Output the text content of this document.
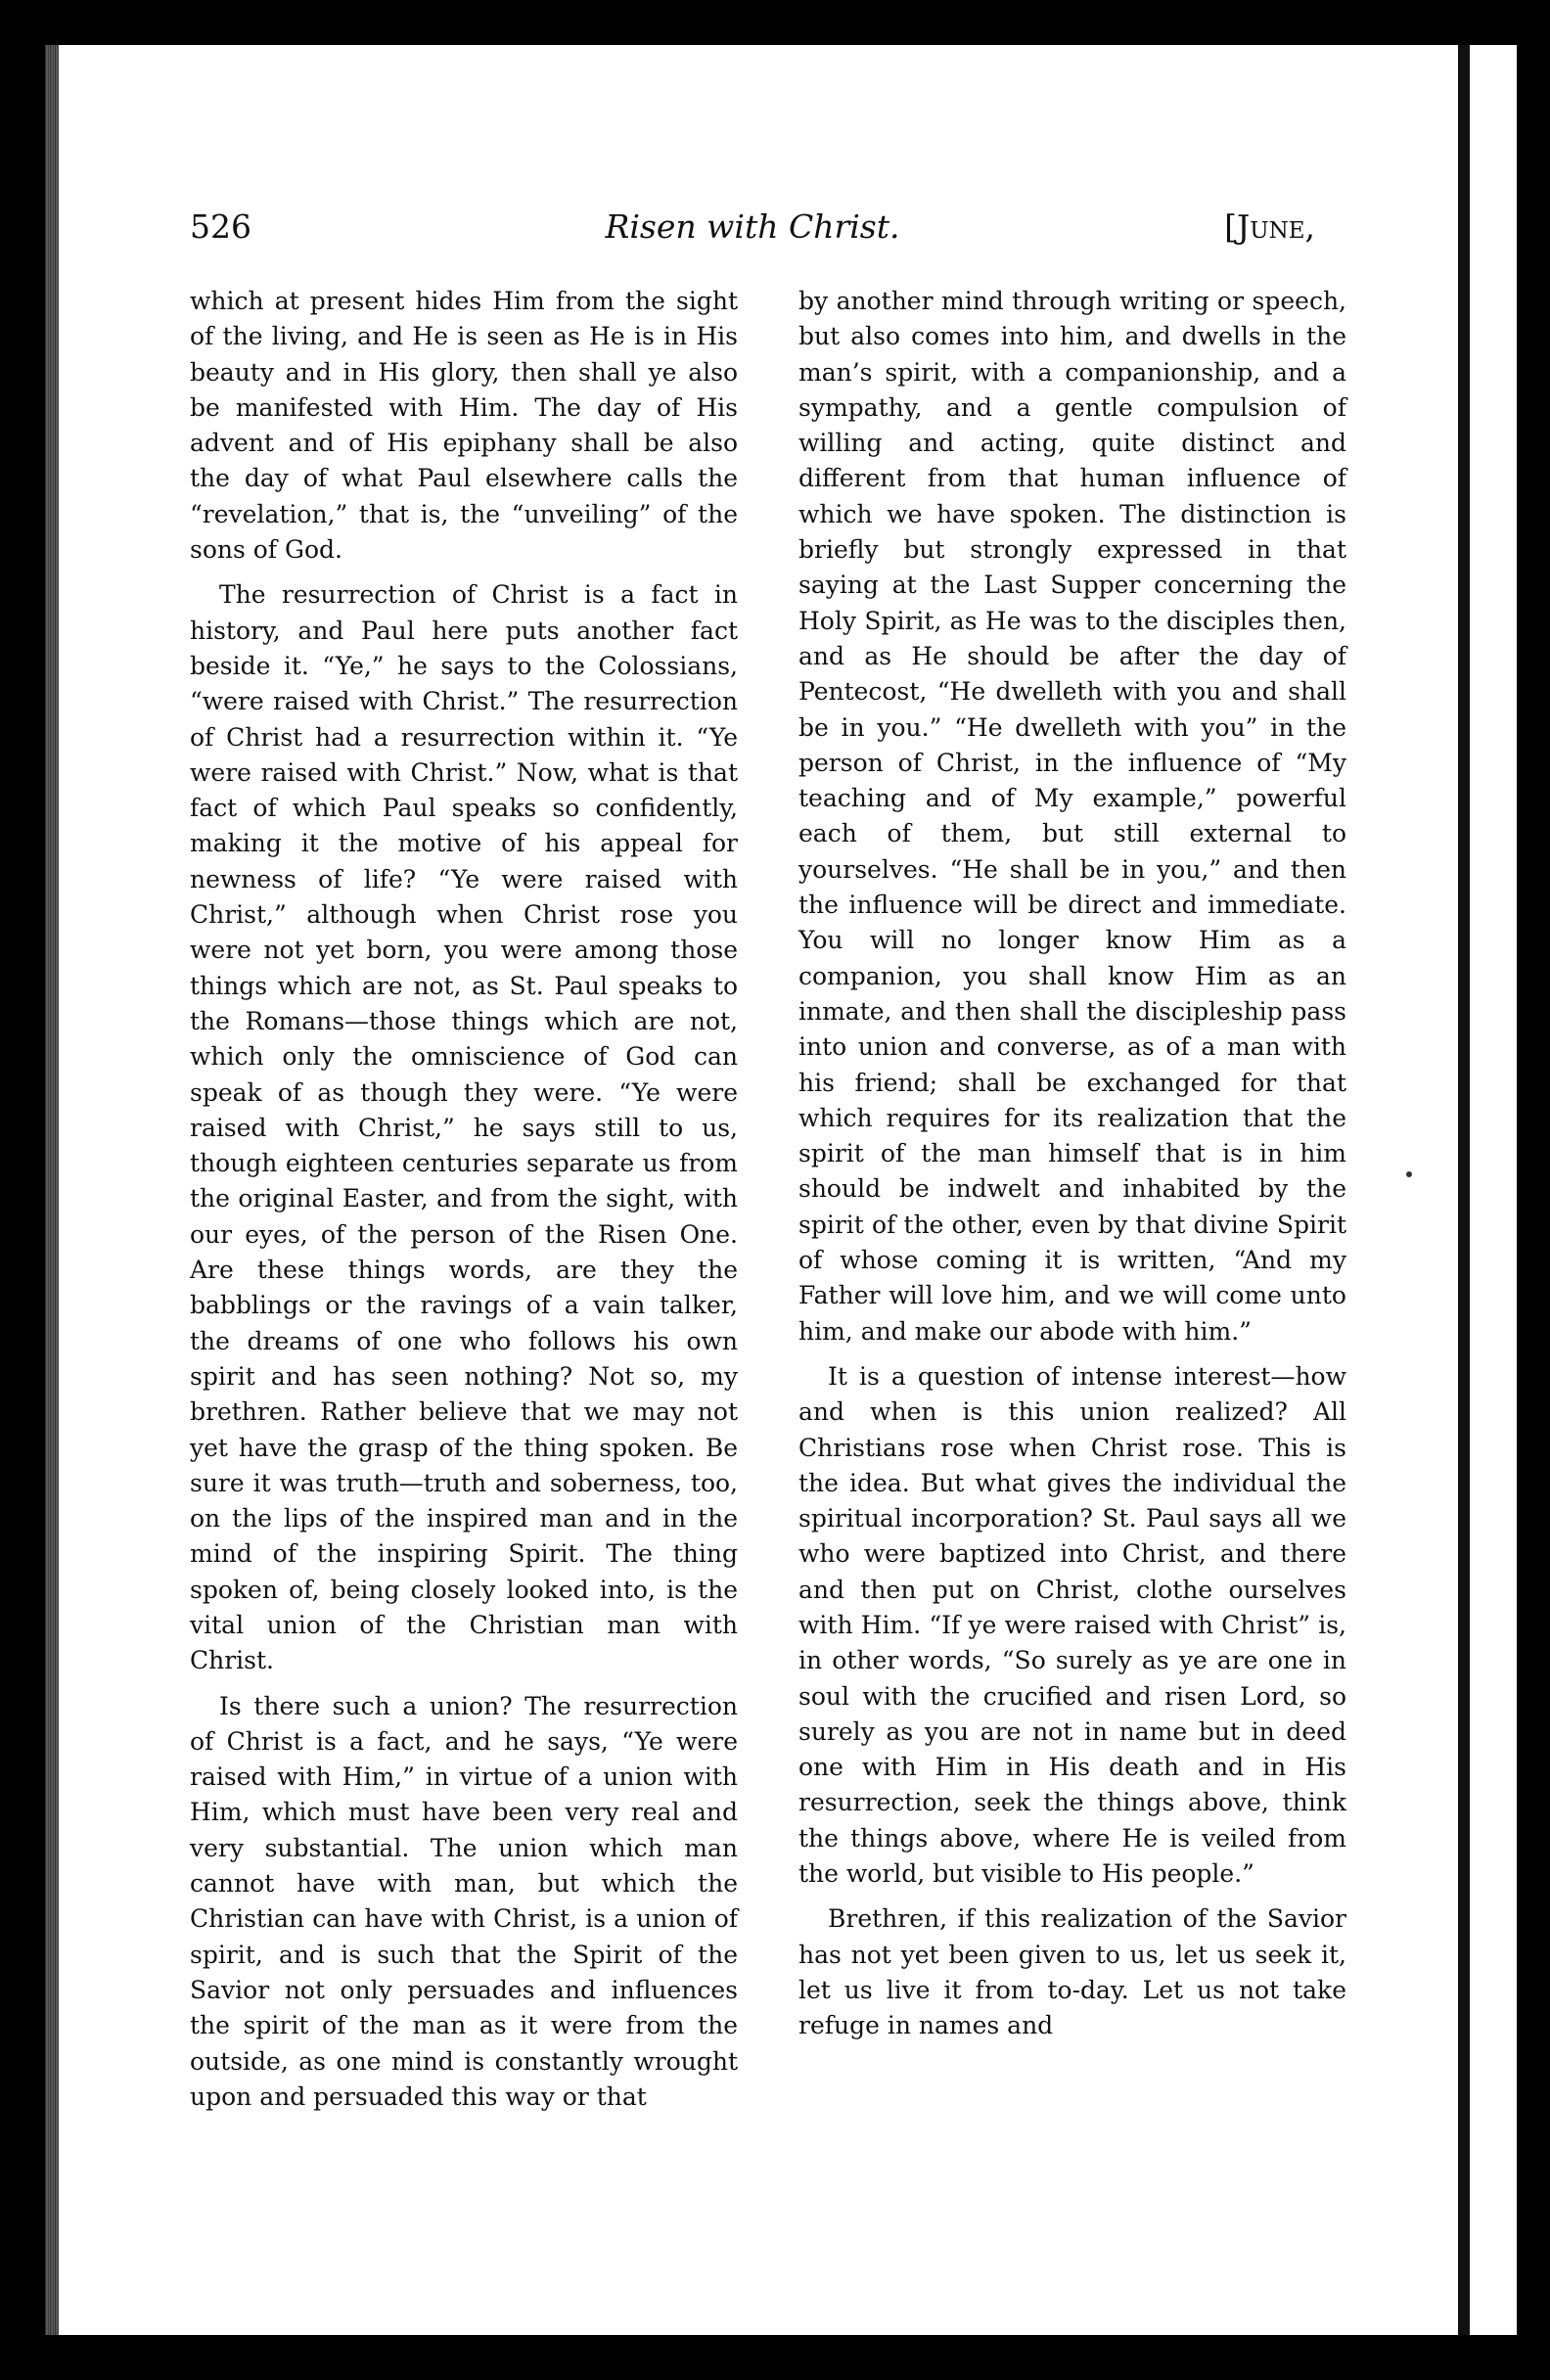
526	Risen with Christ.	[June,

which at present hides Him from the sight of the living, and He is seen as He is in His beauty and in His glory, then shall ye also be manifested with Him. The day of His advent and of His epiphany shall be also the day of what Paul elsewhere calls the “revelation,” that is, the “unveiling” of the sons of God.

The resurrection of Christ is a fact in history, and Paul here puts another fact beside it. “Ye,” he says to the Colossians, “were raised with Christ.” The resurrection of Christ had a resurrection within it. “Ye were raised with Christ.” Now, what is that fact of which Paul speaks so confidently, making it the motive of his appeal for newness of life? “Ye were raised with Christ,” although when Christ rose you were not yet born, you were among those things which are not, as St. Paul speaks to the Romans—those things which are not, which only the omniscience of God can speak of as though they were. “Ye were raised with Christ,” he says still to us, though eighteen centuries separate us from the original Easter, and from the sight, with our eyes, of the person of the Risen One. Are these things words, are they the babblings or the ravings of a vain talker, the dreams of one who follows his own spirit and has seen nothing? Not so, my brethren. Rather believe that we may not yet have the grasp of the thing spoken. Be sure it was truth—truth and soberness, too, on the lips of the inspired man and in the mind of the inspiring Spirit. The thing spoken of, being closely looked into, is the vital union of the Christian man with Christ.

Is there such a union? The resurrection of Christ is a fact, and he says, “Ye were raised with Him,” in virtue of a union with Him, which must have been very real and very substantial. The union which man cannot have with man, but which the Christian can have with Christ, is a union of spirit, and is such that the Spirit of the Savior not only persuades and influences the spirit of the man as it were from the outside, as one mind is constantly wrought upon and persuaded this way or that

by another mind through writing or speech, but also comes into him, and dwells in the man’s spirit, with a companionship, and a sympathy, and a gentle compulsion of willing and acting, quite distinct and different from that human influence of which we have spoken. The distinction is briefly but strongly expressed in that saying at the Last Supper concerning the Holy Spirit, as He was to the disciples then, and as He should be after the day of Pentecost, “He dwelleth with you and shall be in you.” “He dwelleth with you” in the person of Christ, in the influence of “My teaching and of My example,” powerful each of them, but still external to yourselves. “He shall be in you,” and then the influence will be direct and immediate. You will no longer know Him as a companion, you shall know Him as an inmate, and then shall the discipleship pass into union and converse, as of a man with his friend; shall be exchanged for that which requires for its realization that the spirit of the man himself that is in him should be indwelt and inhabited by the spirit of the other, even by that divine Spirit of whose coming it is written, “And my Father will love him, and we will come unto him, and make our abode with him.”

It is a question of intense interest—how and when is this union realized? All Christians rose when Christ rose. This is the idea. But what gives the individual the spiritual incorporation? St. Paul says all we who were baptized into Christ, and there and then put on Christ, clothe ourselves with Him. “If ye were raised with Christ” is, in other words, “So surely as ye are one in soul with the crucified and risen Lord, so surely as you are not in name but in deed one with Him in His death and in His resurrection, seek the things above, think the things above, where He is veiled from the world, but visible to His people.”

Brethren, if this realization of the Savior has not yet been given to us, let us seek it, let us live it from to-day. Let us not take refuge in names and
